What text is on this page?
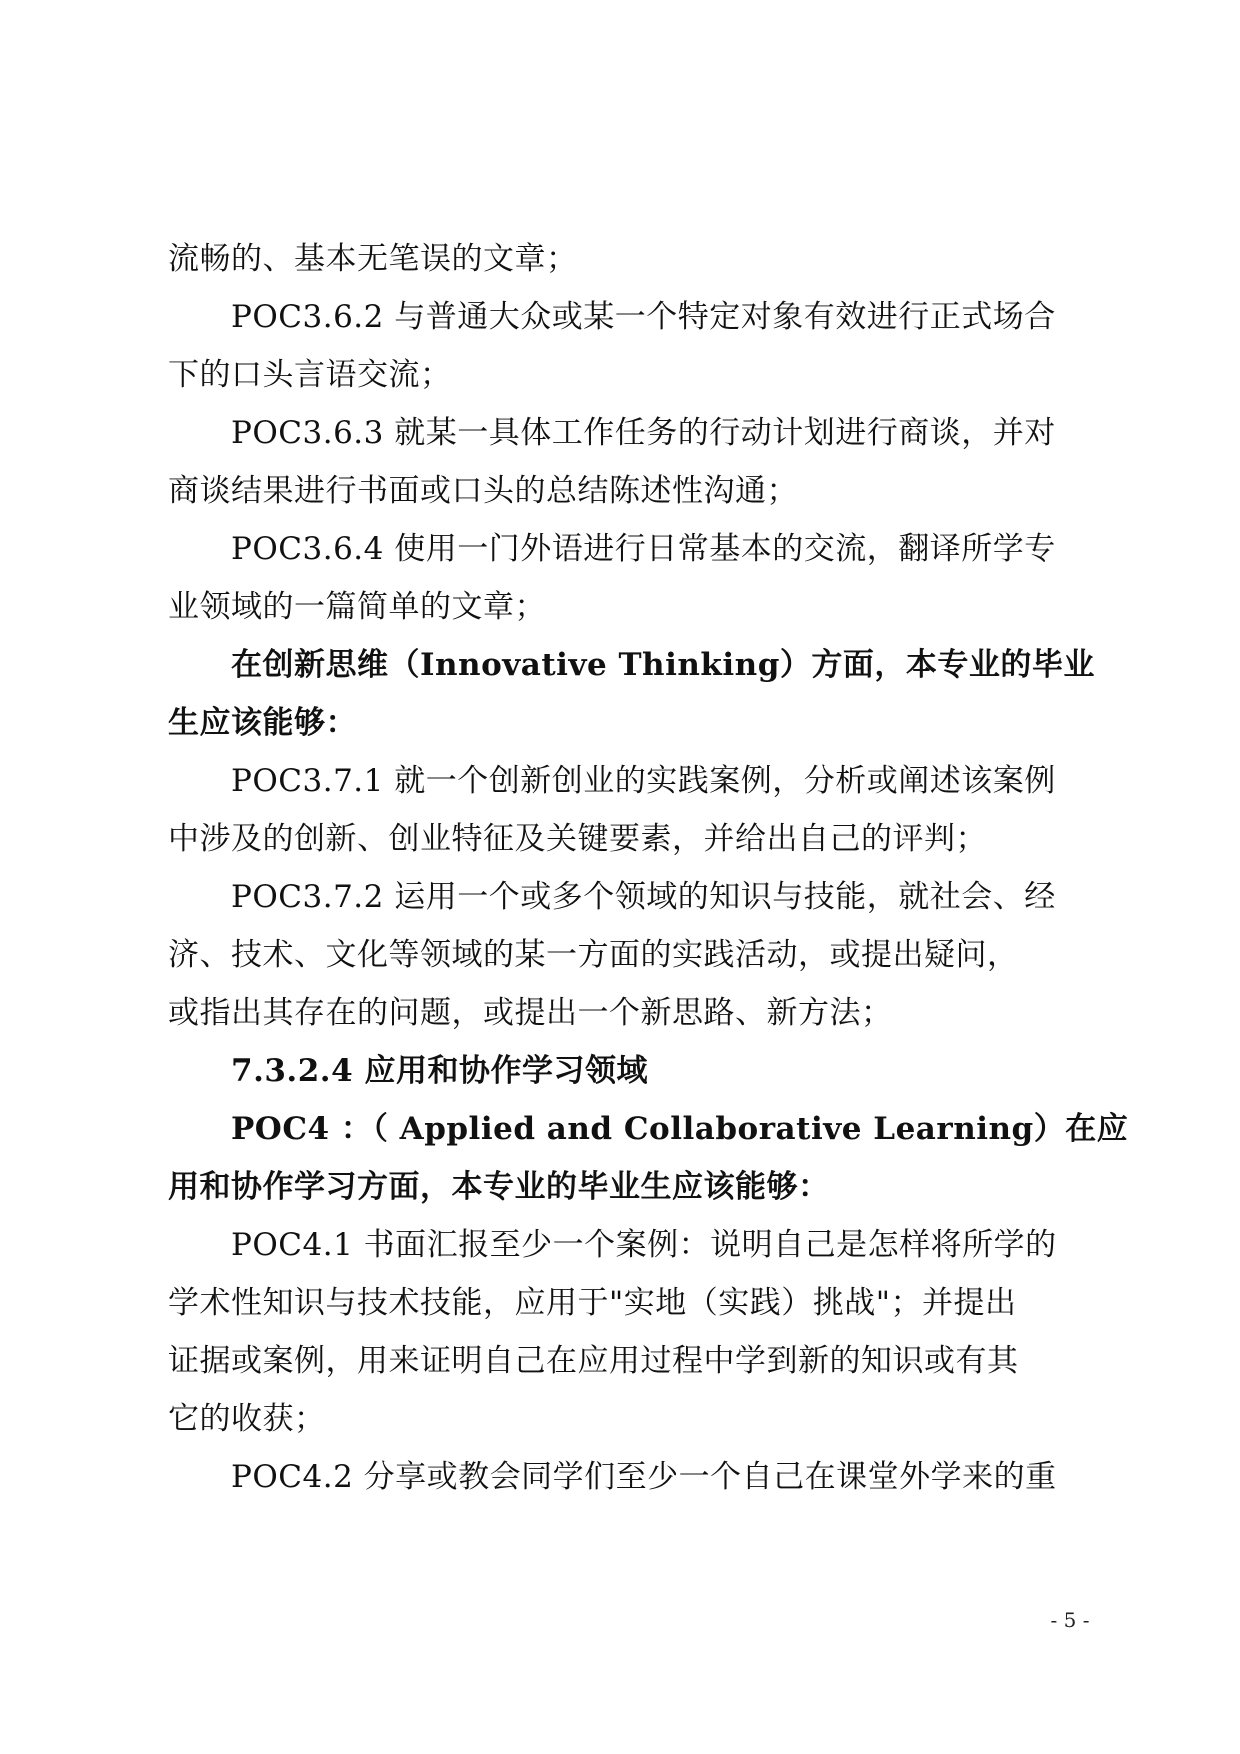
流畅的、基本无笔误的文章；
POC3.6.2 与普通大众或某一个特定对象有效进行正式场合
下的口头言语交流；
POC3.6.3 就某一具体工作任务的行动计划进行商谈，并对
商谈结果进行书面或口头的总结陈述性沟通；
POC3.6.4 使用一门外语进行日常基本的交流，翻译所学专
业领域的一篇简单的文章；
在创新思维（Innovative Thinking）方面，本专业的毕业
生应该能够：
POC3.7.1 就一个创新创业的实践案例，分析或阐述该案例
中涉及的创新、创业特征及关键要素，并给出自己的评判；
POC3.7.2 运用一个或多个领域的知识与技能，就社会、经
济、技术、文化等领域的某一方面的实践活动，或提出疑问，
或指出其存在的问题，或提出一个新思路、新方法；
7.3.2.4 应用和协作学习领域
POC4 ：（ Applied and Collaborative Learning）在应
用和协作学习方面，本专业的毕业生应该能够：
POC4.1 书面汇报至少一个案例：说明自己是怎样将所学的
学术性知识与技术技能，应用于"实地（实践）挑战"；并提出
证据或案例，用来证明自己在应用过程中学到新的知识或有其
它的收获；
POC4.2 分享或教会同学们至少一个自己在课堂外学来的重
- 5 -
